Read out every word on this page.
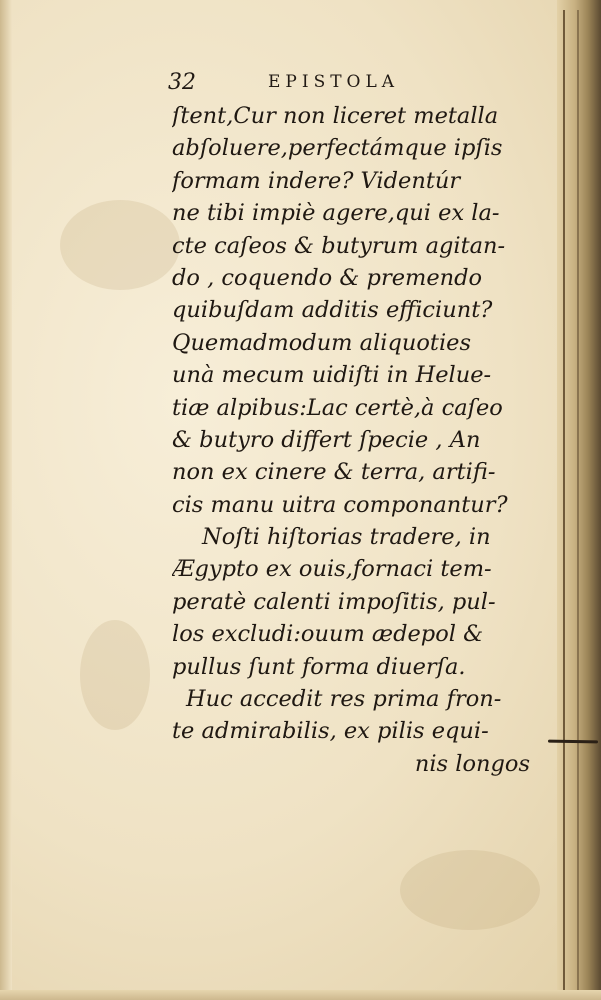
32	EPISTOLA
ſtent,Cur non liceret metalla
abſoluere,perfectámque ipſis
formam indere? Videntúr
ne tibi impiè agere,qui ex la-
cte caſeos & butyrum agitan-
do , coquendo & premendo
quibuſdam additis efficiunt?
Quemadmodum aliquoties
unà mecum uidiſti in Helue-
tiæ alpibus:Lac certè,à caſeo
& butyro differt ſpecie , An
non ex cinere & terra, artifi-
cis manu uitra componantur?
Noſti hiſtorias tradere, in
Ægypto ex ouis,fornaci tem-
peratè calenti impoſitis, pul-
los excludi:ouum ædepol &
pullus ſunt forma diuerſa.
Huc accedit res prima fron-
te admirabilis, ex pilis equi-
nis longos
